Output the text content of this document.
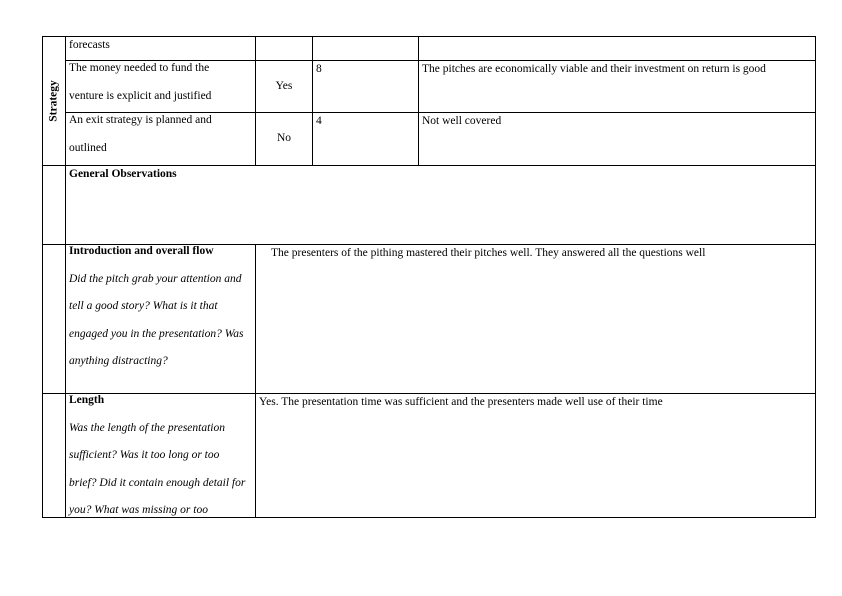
Strategy
forecasts
The money needed to fund the
venture is explicit and justified
Yes
8	The pitches are economically viable and their investment on return is good
An exit strategy is planned and
outlined
No
4	Not well covered
General Observations
Introduction and overall flow
Did the pitch grab your attention and
tell a good story? What is it that
engaged you in the presentation? Was
anything distracting?
The presenters of the pithing mastered their pitches well. They answered all the questions well
Length
Was the length of the presentation
sufficient? Was it too long or too
brief? Did it contain enough detail for
you? What was missing or too
Yes. The presentation time was sufficient and the presenters made well use of their time
